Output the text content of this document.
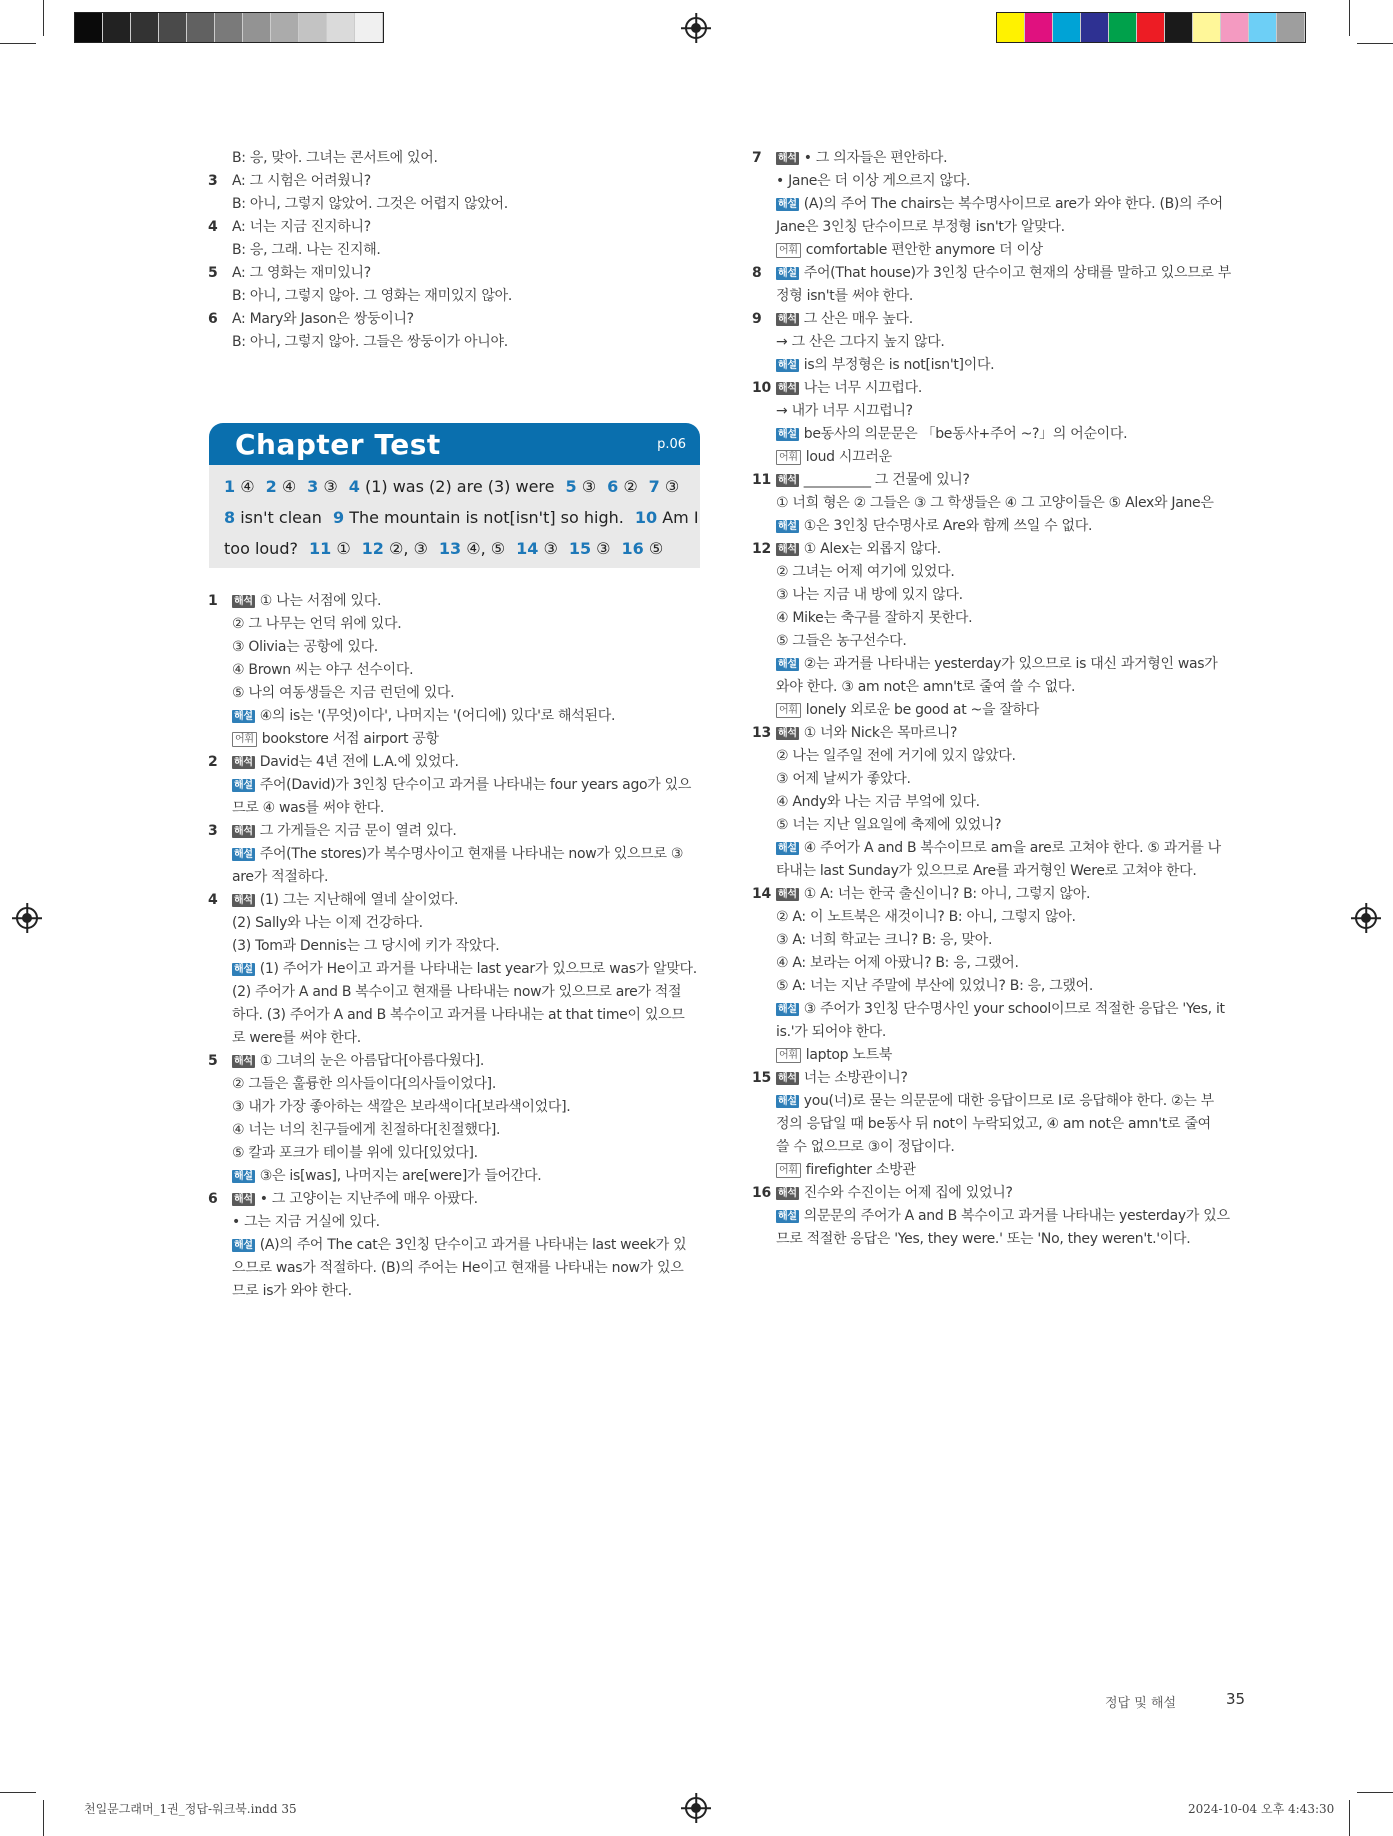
B: 응, 맞아. 그녀는 콘서트에 있어.
3 A: 그 시험은 어려웠니?
B: 아니, 그렇지 않았어. 그것은 어렵지 않았어.
4 A: 너는 지금 진지하니?
B: 응, 그래. 나는 진지해.
5 A: 그 영화는 재미있니?
B: 아니, 그렇지 않아. 그 영화는 재미있지 않아.
6 A: Mary와 Jason은 쌍둥이니?
B: 아니, 그렇지 않아. 그들은 쌍둥이가 아니야.
Chapter Test	p.06
1 ④ 2 ④ 3 ③ 4 (1) was (2) are (3) were 5 ③ 6 ② 7 ③
8 isn't clean 9 The mountain is not[isn't] so high. 10 Am I
too loud? 11 ① 12 ②, ③ 13 ④, ⑤ 14 ③ 15 ③ 16 ⑤
1 해석 ① 나는 서점에 있다.
② 그 나무는 언덕 위에 있다.
③ Olivia는 공항에 있다.
④ Brown 씨는 야구 선수이다.
⑤ 나의 여동생들은 지금 런던에 있다.
해설 ④의 is는 '(무엇)이다', 나머지는 '(어디에) 있다'로 해석된다.
어휘 bookstore 서점 airport 공항
2 해석 David는 4년 전에 L.A.에 있었다.
해설 주어(David)가 3인칭 단수이고 과거를 나타내는 four years ago가 있으
므로 ④ was를 써야 한다.
3 해석 그 가게들은 지금 문이 열려 있다.
해설 주어(The stores)가 복수명사이고 현재를 나타내는 now가 있으므로 ③
are가 적절하다.
4 해석 (1) 그는 지난해에 열네 살이었다.
(2) Sally와 나는 이제 건강하다.
(3) Tom과 Dennis는 그 당시에 키가 작았다.
해설 (1) 주어가 He이고 과거를 나타내는 last year가 있으므로 was가 알맞다.
(2) 주어가 A and B 복수이고 현재를 나타내는 now가 있으므로 are가 적절
하다. (3) 주어가 A and B 복수이고 과거를 나타내는 at that time이 있으므
로 were를 써야 한다.
5 해석 ① 그녀의 눈은 아름답다[아름다웠다].
② 그들은 훌륭한 의사들이다[의사들이었다].
③ 내가 가장 좋아하는 색깔은 보라색이다[보라색이었다].
④ 너는 너의 친구들에게 친절하다[친절했다].
⑤ 칼과 포크가 테이블 위에 있다[있었다].
해설 ③은 is[was], 나머지는 are[were]가 들어간다.
6 해석 • 그 고양이는 지난주에 매우 아팠다.
• 그는 지금 거실에 있다.
해설 (A)의 주어 The cat은 3인칭 단수이고 과거를 나타내는 last week가 있
으므로 was가 적절하다. (B)의 주어는 He이고 현재를 나타내는 now가 있으
므로 is가 와야 한다.
7 해석 • 그 의자들은 편안하다.
• Jane은 더 이상 게으르지 않다.
해설 (A)의 주어 The chairs는 복수명사이므로 are가 와야 한다. (B)의 주어
Jane은 3인칭 단수이므로 부정형 isn't가 알맞다.
어휘 comfortable 편안한 anymore 더 이상
8 해설 주어(That house)가 3인칭 단수이고 현재의 상태를 말하고 있으므로 부
정형 isn't를 써야 한다.
9 해석 그 산은 매우 높다.
→ 그 산은 그다지 높지 않다.
해설 is의 부정형은 is not[isn't]이다.
10 해석 나는 너무 시끄럽다.
→ 내가 너무 시끄럽니?
해설 be동사의 의문문은 「be동사+주어 ~?」의 어순이다.
어휘 loud 시끄러운
11 해석 __________ 그 건물에 있니?
① 너희 형은 ② 그들은 ③ 그 학생들은 ④ 그 고양이들은 ⑤ Alex와 Jane은
해설 ①은 3인칭 단수명사로 Are와 함께 쓰일 수 없다.
12 해석 ① Alex는 외롭지 않다.
② 그녀는 어제 여기에 있었다.
③ 나는 지금 내 방에 있지 않다.
④ Mike는 축구를 잘하지 못한다.
⑤ 그들은 농구선수다.
해설 ②는 과거를 나타내는 yesterday가 있으므로 is 대신 과거형인 was가
와야 한다. ③ am not은 amn't로 줄여 쓸 수 없다.
어휘 lonely 외로운 be good at ~을 잘하다
13 해석 ① 너와 Nick은 목마르니?
② 나는 일주일 전에 거기에 있지 않았다.
③ 어제 날씨가 좋았다.
④ Andy와 나는 지금 부엌에 있다.
⑤ 너는 지난 일요일에 축제에 있었니?
해설 ④ 주어가 A and B 복수이므로 am을 are로 고쳐야 한다. ⑤ 과거를 나
타내는 last Sunday가 있으므로 Are를 과거형인 Were로 고쳐야 한다.
14 해석 ① A: 너는 한국 출신이니? B: 아니, 그렇지 않아.
② A: 이 노트북은 새것이니? B: 아니, 그렇지 않아.
③ A: 너희 학교는 크니? B: 응, 맞아.
④ A: 보라는 어제 아팠니? B: 응, 그랬어.
⑤ A: 너는 지난 주말에 부산에 있었니? B: 응, 그랬어.
해설 ③ 주어가 3인칭 단수명사인 your school이므로 적절한 응답은 'Yes, it
is.'가 되어야 한다.
어휘 laptop 노트북
15 해석 너는 소방관이니?
해설 you(너)로 묻는 의문문에 대한 응답이므로 I로 응답해야 한다. ②는 부
정의 응답일 때 be동사 뒤 not이 누락되었고, ④ am not은 amn't로 줄여
쓸 수 없으므로 ③이 정답이다.
어휘 firefighter 소방관
16 해석 진수와 수진이는 어제 집에 있었니?
해설 의문문의 주어가 A and B 복수이고 과거를 나타내는 yesterday가 있으
므로 적절한 응답은 'Yes, they were.' 또는 'No, they weren't.'이다.
정답 및 해설	35
천일문그래머_1권_정답-워크북.indd 35	2024-10-04 오후 4:43:30
